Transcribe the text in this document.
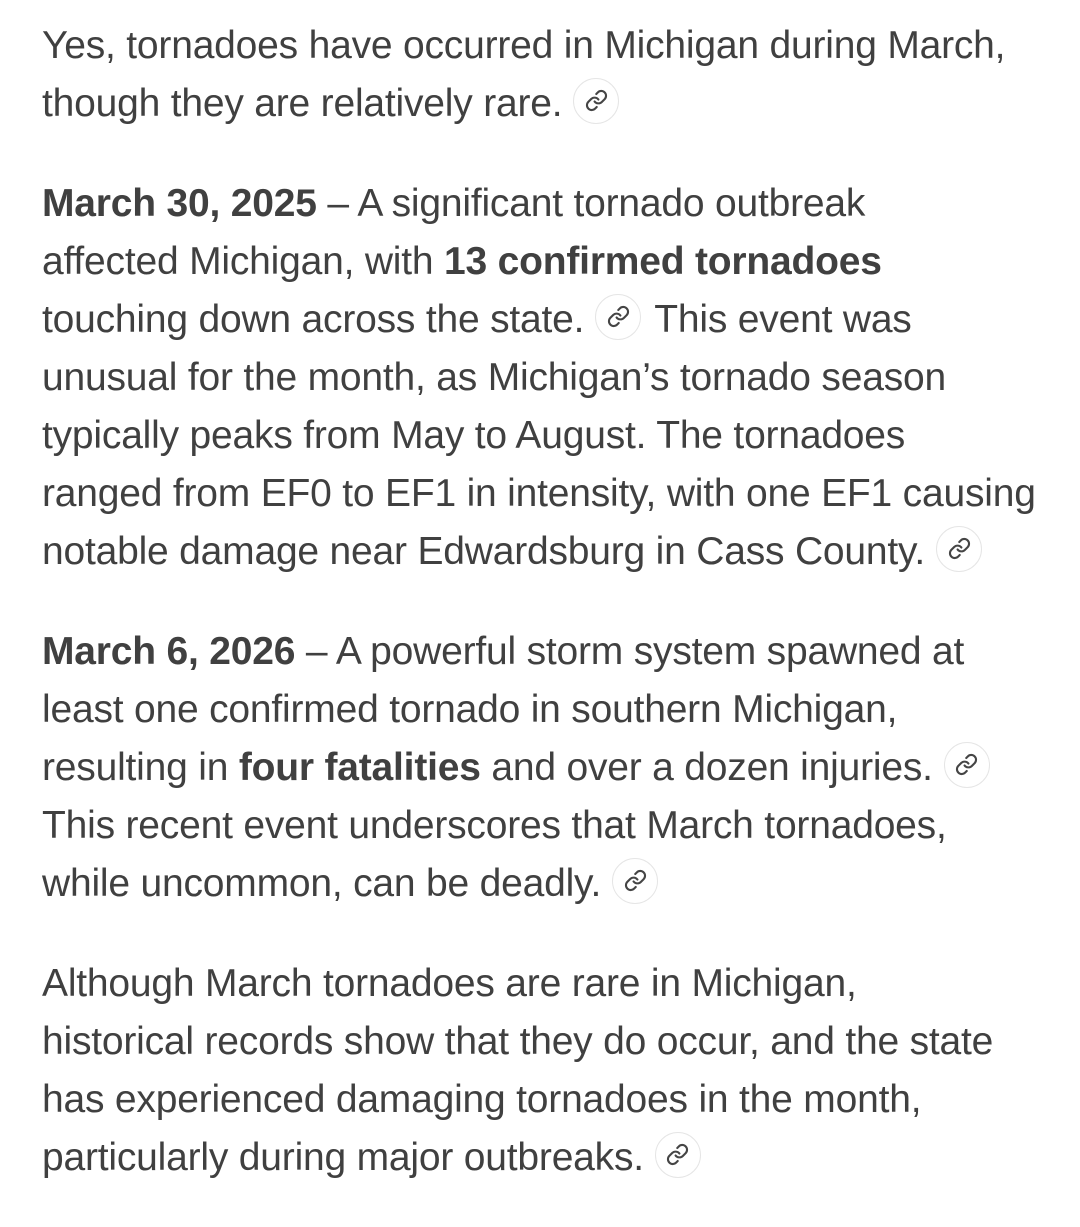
Yes, tornadoes have occurred in Michigan during March,
though they are relatively rare.

March 30, 2025 – A significant tornado outbreak
affected Michigan, with 13 confirmed tornadoes
touching down across the state. This event was
unusual for the month, as Michigan’s tornado season
typically peaks from May to August. The tornadoes
ranged from EF0 to EF1 in intensity, with one EF1 causing
notable damage near Edwardsburg in Cass County.

March 6, 2026 – A powerful storm system spawned at
least one confirmed tornado in southern Michigan,
resulting in four fatalities and over a dozen injuries.
This recent event underscores that March tornadoes,
while uncommon, can be deadly.

Although March tornadoes are rare in Michigan,
historical records show that they do occur, and the state
has experienced damaging tornadoes in the month,
particularly during major outbreaks.
